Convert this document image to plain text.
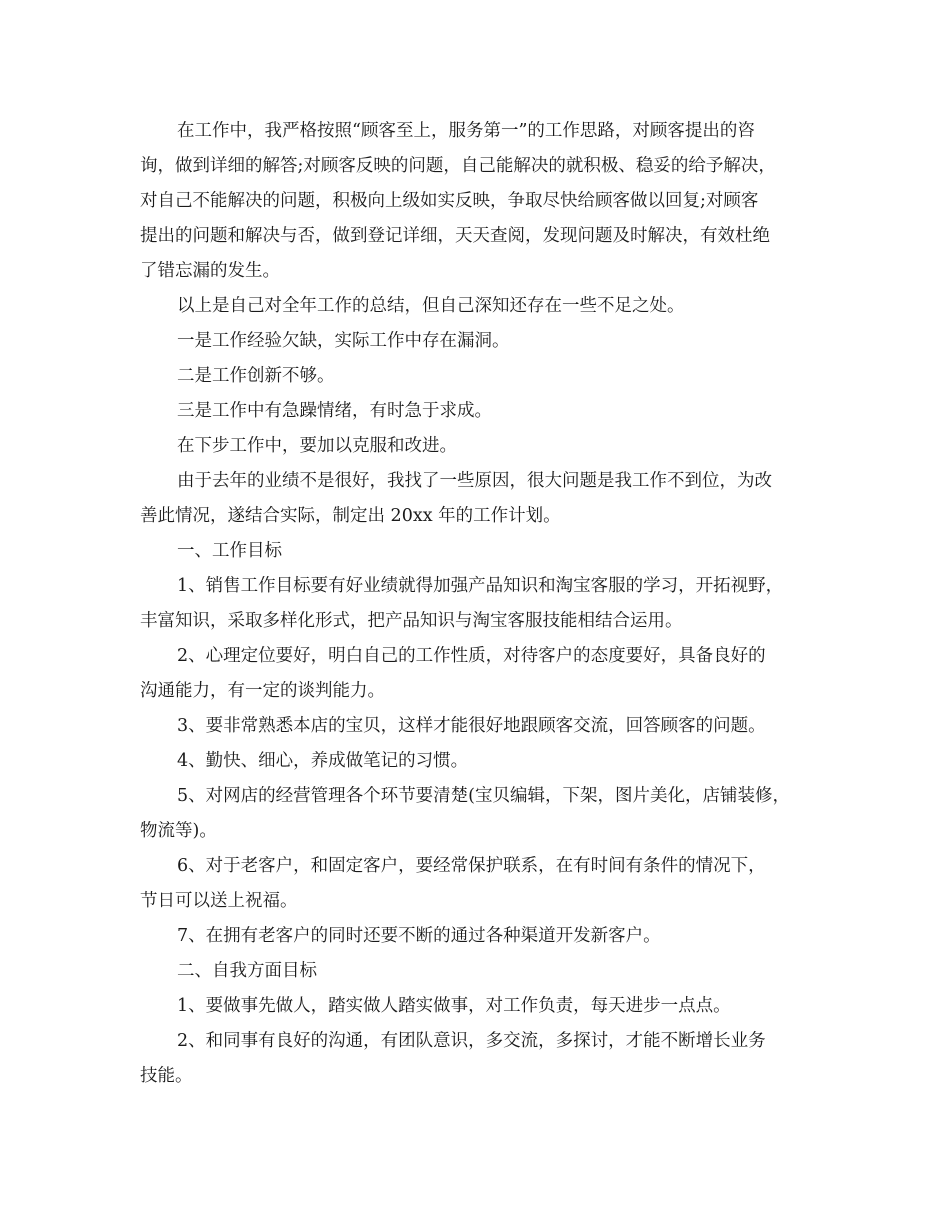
在工作中，我严格按照“顾客至上，服务第一”的工作思路，对顾客提出的咨
询，做到详细的解答;对顾客反映的问题，自己能解决的就积极、稳妥的给予解决，
对自己不能解决的问题，积极向上级如实反映，争取尽快给顾客做以回复;对顾客
提出的问题和解决与否，做到登记详细，天天查阅，发现问题及时解决，有效杜绝
了错忘漏的发生。

以上是自己对全年工作的总结，但自己深知还存在一些不足之处。

一是工作经验欠缺，实际工作中存在漏洞。

二是工作创新不够。

三是工作中有急躁情绪，有时急于求成。

在下步工作中，要加以克服和改进。

由于去年的业绩不是很好，我找了一些原因，很大问题是我工作不到位，为改
善此情况，遂结合实际，制定出 20xx 年的工作计划。

一、工作目标

1、销售工作目标要有好业绩就得加强产品知识和淘宝客服的学习，开拓视野，
丰富知识，采取多样化形式，把产品知识与淘宝客服技能相结合运用。

2、心理定位要好，明白自己的工作性质，对待客户的态度要好，具备良好的
沟通能力，有一定的谈判能力。

3、要非常熟悉本店的宝贝，这样才能很好地跟顾客交流，回答顾客的问题。

4、勤快、细心，养成做笔记的习惯。

5、对网店的经营管理各个环节要清楚(宝贝编辑，下架，图片美化，店铺装修，
物流等)。

6、对于老客户，和固定客户，要经常保护联系，在有时间有条件的情况下，
节日可以送上祝福。

7、在拥有老客户的同时还要不断的通过各种渠道开发新客户。

二、自我方面目标

1、要做事先做人，踏实做人踏实做事，对工作负责，每天进步一点点。

2、和同事有良好的沟通，有团队意识，多交流，多探讨，才能不断增长业务
技能。
